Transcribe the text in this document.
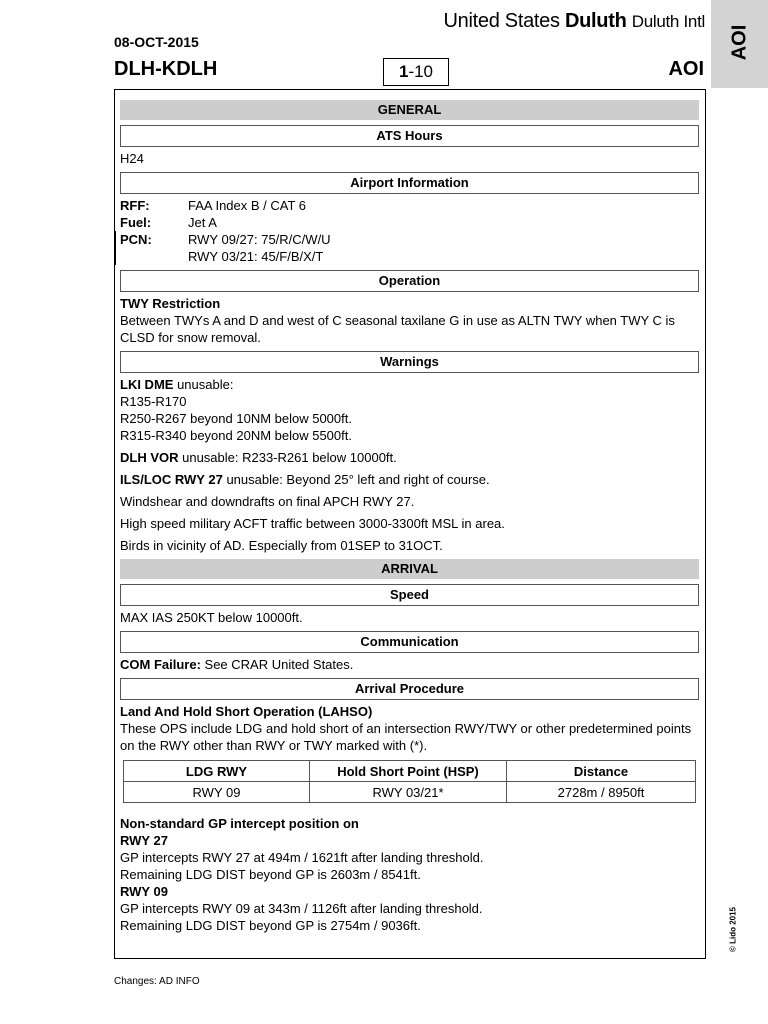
08-OCT-2015
DLH-KDLH
United States Duluth Duluth Intl
1-10	AOI
AOI
GENERAL
ATS Hours

H24

Airport Information
RFF:	FAA Index B / CAT 6
Fuel:	Jet A
PCN:	RWY 09/27: 75/R/C/W/U
RWY 03/21: 45/F/B/X/T
Operation

TWY Restriction

Between TWYs A and D and west of C seasonal taxilane G in use as ALTN TWY when TWY C is CLSD for snow removal.

Warnings

LKI DME unusable:

R135-R170

R250-R267 beyond 10NM below 5000ft.

R315-R340 beyond 20NM below 5500ft.

DLH VOR unusable: R233-R261 below 10000ft.

ILS/LOC RWY 27 unusable: Beyond 25° left and right of course.

Windshear and downdrafts on final APCH RWY 27.

High speed military ACFT traffic between 3000-3300ft MSL in area.

Birds in vicinity of AD. Especially from 01SEP to 31OCT.

ARRIVAL
Speed

MAX IAS 250KT below 10000ft.

Communication

COM Failure: See CRAR United States.

Arrival Procedure

Land And Hold Short Operation (LAHSO)

These OPS include LDG and hold short of an intersection RWY/TWY or other predetermined points on the RWY other than RWY or TWY marked with (*).

LDG RWY	Hold Short Point (HSP)	Distance
RWY 09	RWY 03/21*	2728m / 8950ft

Non-standard GP intercept position on

RWY 27

GP intercepts RWY 27 at 494m / 1621ft after landing threshold.

Remaining LDG DIST beyond GP is 2603m / 8541ft.

RWY 09

GP intercepts RWY 09 at 343m / 1126ft after landing threshold.

Remaining LDG DIST beyond GP is 2754m / 9036ft.	© Lido 2015
Changes: AD INFO
